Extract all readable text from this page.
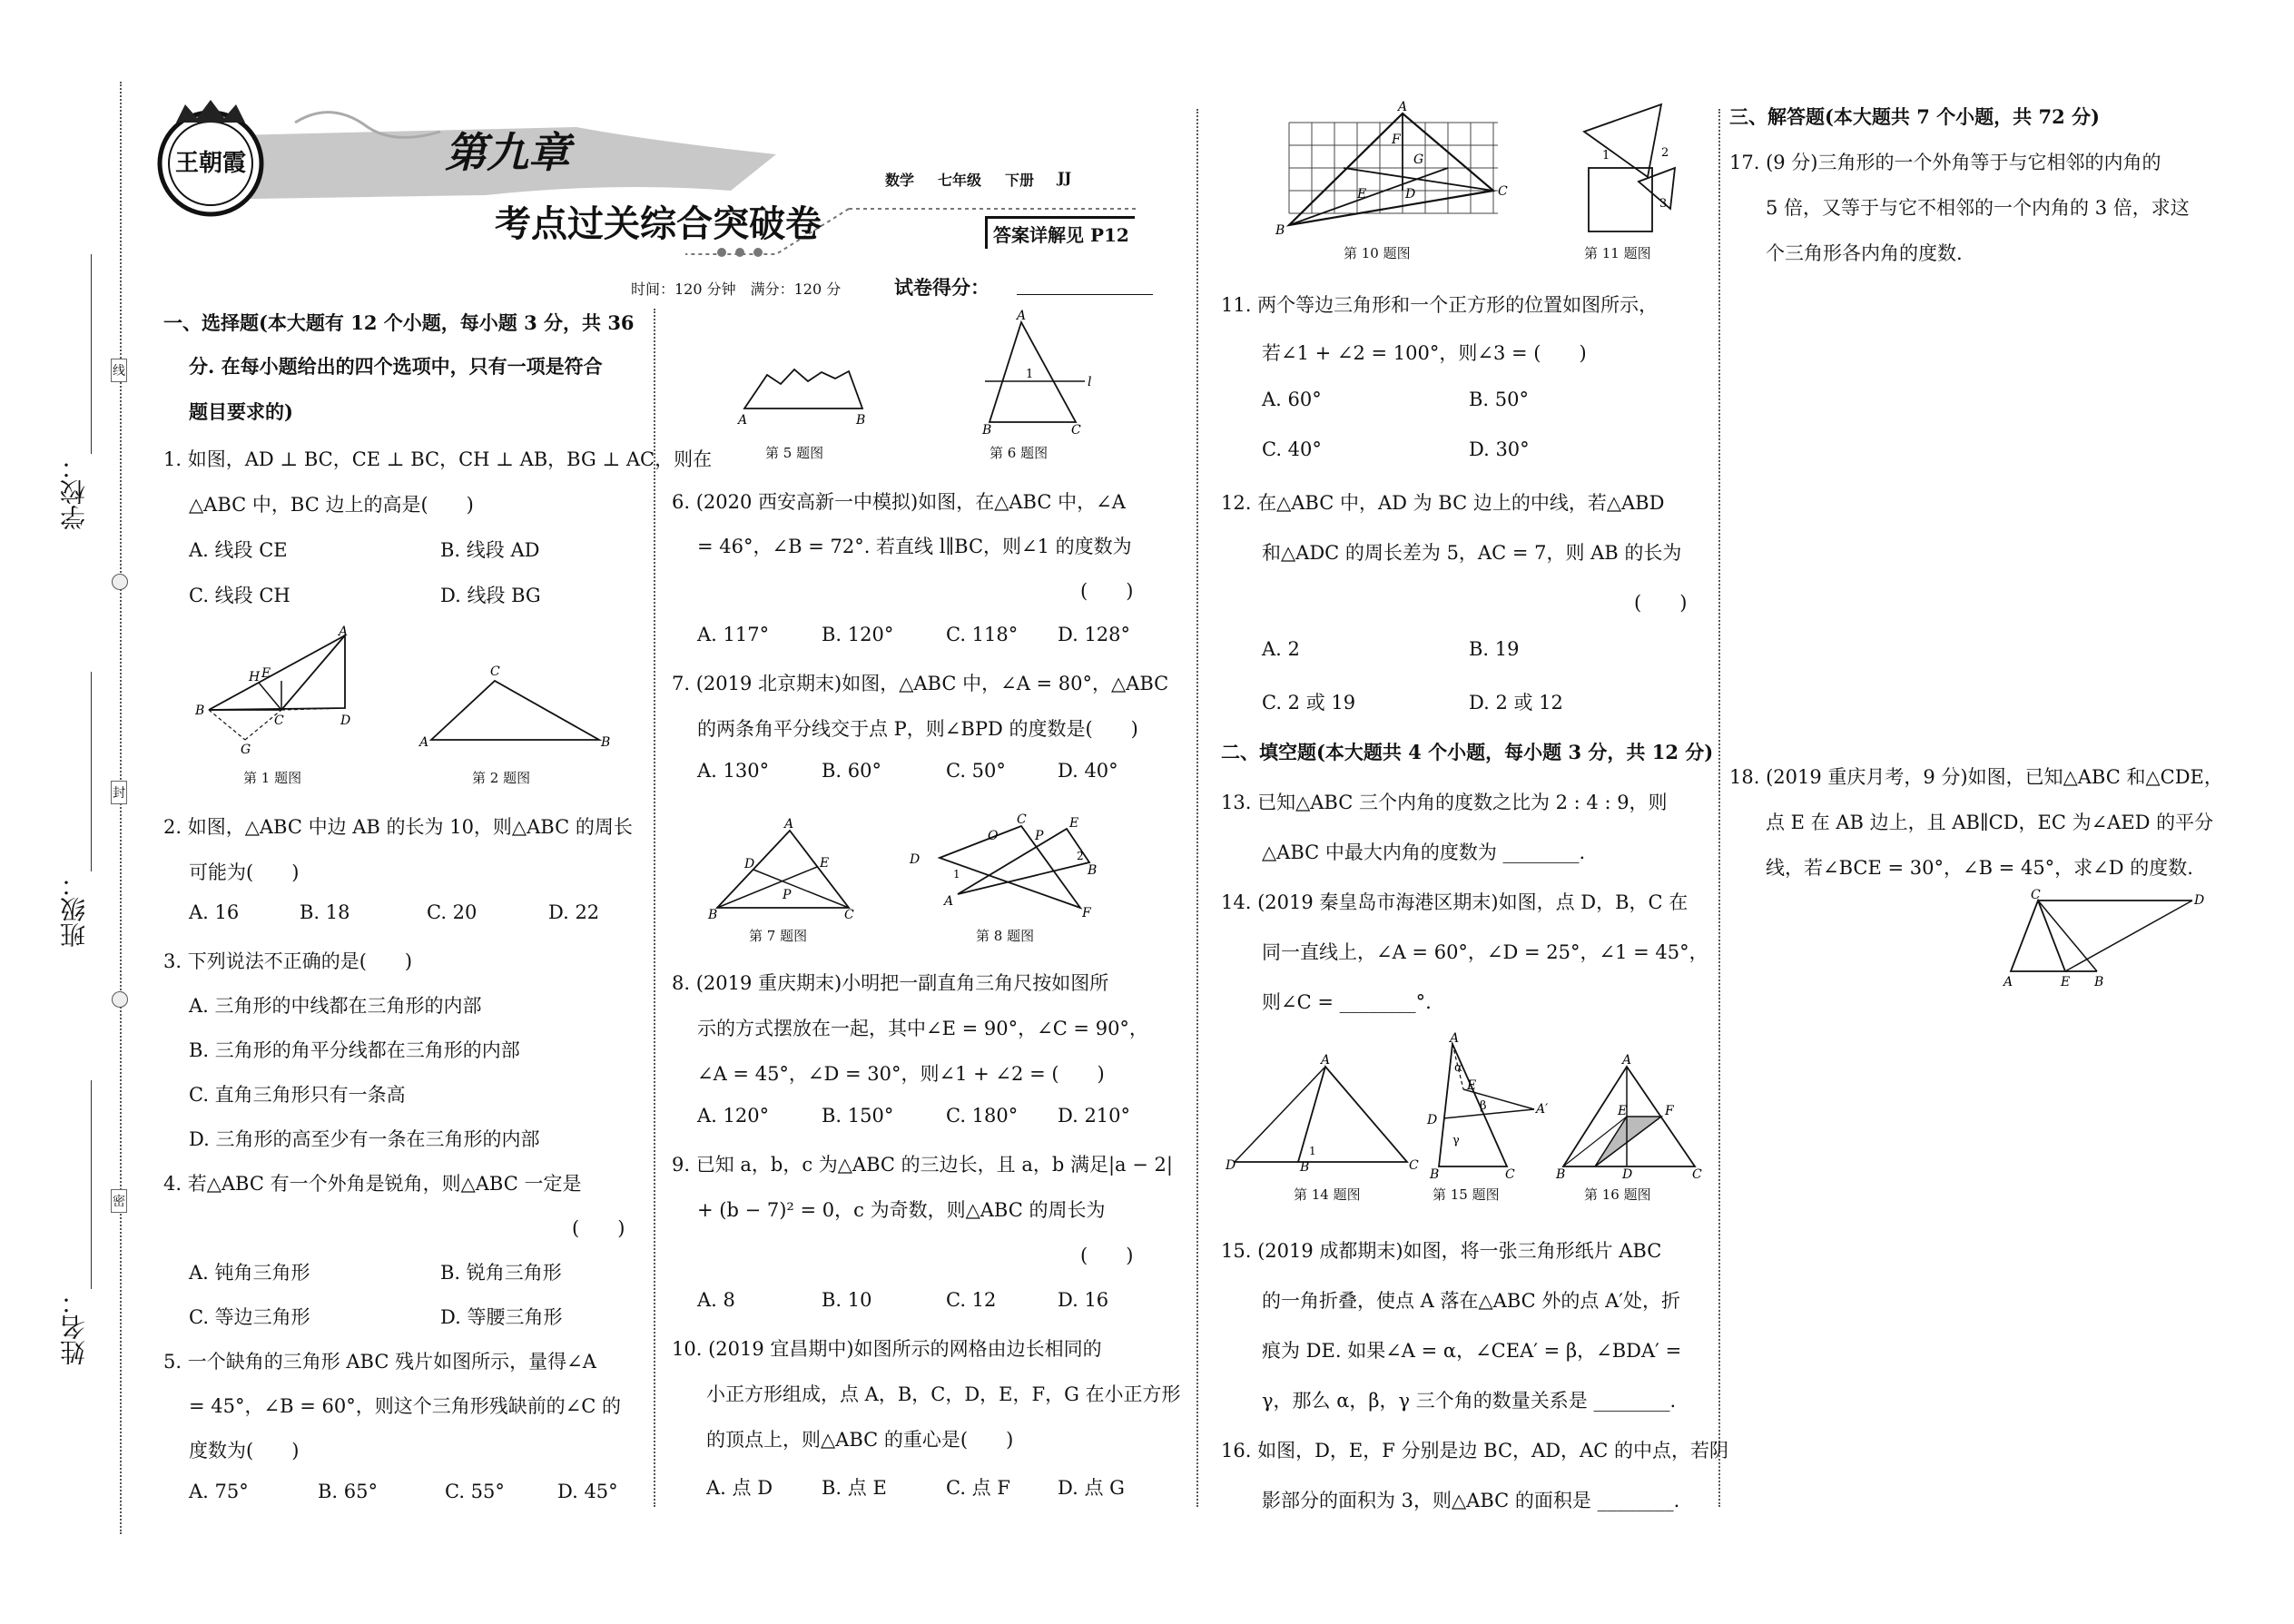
学校：
班级：
姓名：
线
封
密
王朝霞	第九章
考点过关综合突破卷
数学 七年级 下册 JJ
答案详解见 P12
时间：120 分钟　满分：120 分	试卷得分：
一、选择题(本大题有 12 个小题，每小题 3 分，共 36
分. 在每小题给出的四个选项中，只有一项是符合
题目要求的)
1. 如图，AD ⊥ BC，CE ⊥ BC，CH ⊥ AB，BG ⊥ AC，则在
△ABC 中，BC 边上的高是(　　)
A. 线段 CE	B. 线段 AD
C. 线段 CH	D. 线段 BG
A
B
C	D
E
H
G
第 1 题图
C
A	B
第 2 题图
2. 如图，△ABC 中边 AB 的长为 10，则△ABC 的周长
可能为(　　)
A. 16	B. 18	C. 20	D. 22
3. 下列说法不正确的是(　　)
A. 三角形的中线都在三角形的内部
B. 三角形的角平分线都在三角形的内部
C. 直角三角形只有一条高
D. 三角形的高至少有一条在三角形的内部
4. 若△ABC 有一个外角是锐角，则△ABC 一定是
(　　)
A. 钝角三角形	B. 锐角三角形
C. 等边三角形	D. 等腰三角形
5. 一个缺角的三角形 ABC 残片如图所示，量得∠A
= 45°，∠B = 60°，则这个三角形残缺前的∠C 的
度数为(　　)
A. 75°	B. 65°	C. 55°	D. 45°
A	B
第 5 题图
A
B	C
l
1
第 6 题图
6. (2020 西安高新一中模拟)如图，在△ABC 中，∠A
= 46°，∠B = 72°. 若直线 l∥BC，则∠1 的度数为
(　　)
A. 117°	B. 120°	C. 118° D. 128°
7. (2019 北京期末)如图，△ABC 中，∠A = 80°，△ABC
的两条角平分线交于点 P，则∠BPD 的度数是(　　)
A. 130°	B. 60°	C. 50°	D. 40°
A
B	C
D	E
P
第 7 题图
D
C	E
O	P
A
F
B
1
2
第 8 题图
8. (2019 重庆期末)小明把一副直角三角尺按如图所
示的方式摆放在一起，其中∠E = 90°，∠C = 90°，
∠A = 45°，∠D = 30°，则∠1 + ∠2 = (　　)
A. 120°	B. 150°	C. 180° D. 210°
9. 已知 a，b，c 为△ABC 的三边长，且 a，b 满足|a − 2|
+ (b − 7)² = 0，c 为奇数，则△ABC 的周长为
(　　)
A. 8	B. 10	C. 12	D. 16
10. (2019 宜昌期中)如图所示的网格由边长相同的
小正方形组成，点 A，B，C，D，E，F，G 在小正方形
的顶点上，则△ABC 的重心是(　　)
A. 点 D	B. 点 E	C. 点 F D. 点 G
A
B
C
D
E
F
G
第 10 题图
1	2
3
第 11 题图
11. 两个等边三角形和一个正方形的位置如图所示，
若∠1 + ∠2 = 100°，则∠3 = (　　)
A. 60°	B. 50°
C. 40°	D. 30°
12. 在△ABC 中，AD 为 BC 边上的中线，若△ABD
和△ADC 的周长差为 5，AC = 7，则 AB 的长为
(　　)
A. 2	B. 19
C. 2 或 19	D. 2 或 12
二、填空题(本大题共 4 个小题，每小题 3 分，共 12 分)
13. 已知△ABC 三个内角的度数之比为 2 : 4 : 9，则
△ABC 中最大内角的度数为 ________.
14. (2019 秦皇岛市海港区期末)如图，点 D，B，C 在
同一直线上，∠A = 60°，∠D = 25°，∠1 = 45°，
则∠C = ________°.
A
D	B	C
1
第 14 题图
A
A′
D
E
B	C
α
β
γ
第 15 题图
A
B	D	C
E	F
第 16 题图
15. (2019 成都期末)如图，将一张三角形纸片 ABC
的一角折叠，使点 A 落在△ABC 外的点 A′处，折
痕为 DE. 如果∠A = α，∠CEA′ = β，∠BDA′ =
γ，那么 α，β，γ 三个角的数量关系是 ________.
16. 如图，D，E，F 分别是边 BC，AD，AC 的中点，若阴
影部分的面积为 3，则△ABC 的面积是 ________.
三、解答题(本大题共 7 个小题，共 72 分)
17. (9 分)三角形的一个外角等于与它相邻的内角的
5 倍，又等于与它不相邻的一个内角的 3 倍，求这
个三角形各内角的度数.
18. (2019 重庆月考，9 分)如图，已知△ABC 和△CDE，
点 E 在 AB 边上，且 AB∥CD，EC 为∠AED 的平分
线，若∠BCE = 30°，∠B = 45°，求∠D 的度数.
C	D
A	E B
